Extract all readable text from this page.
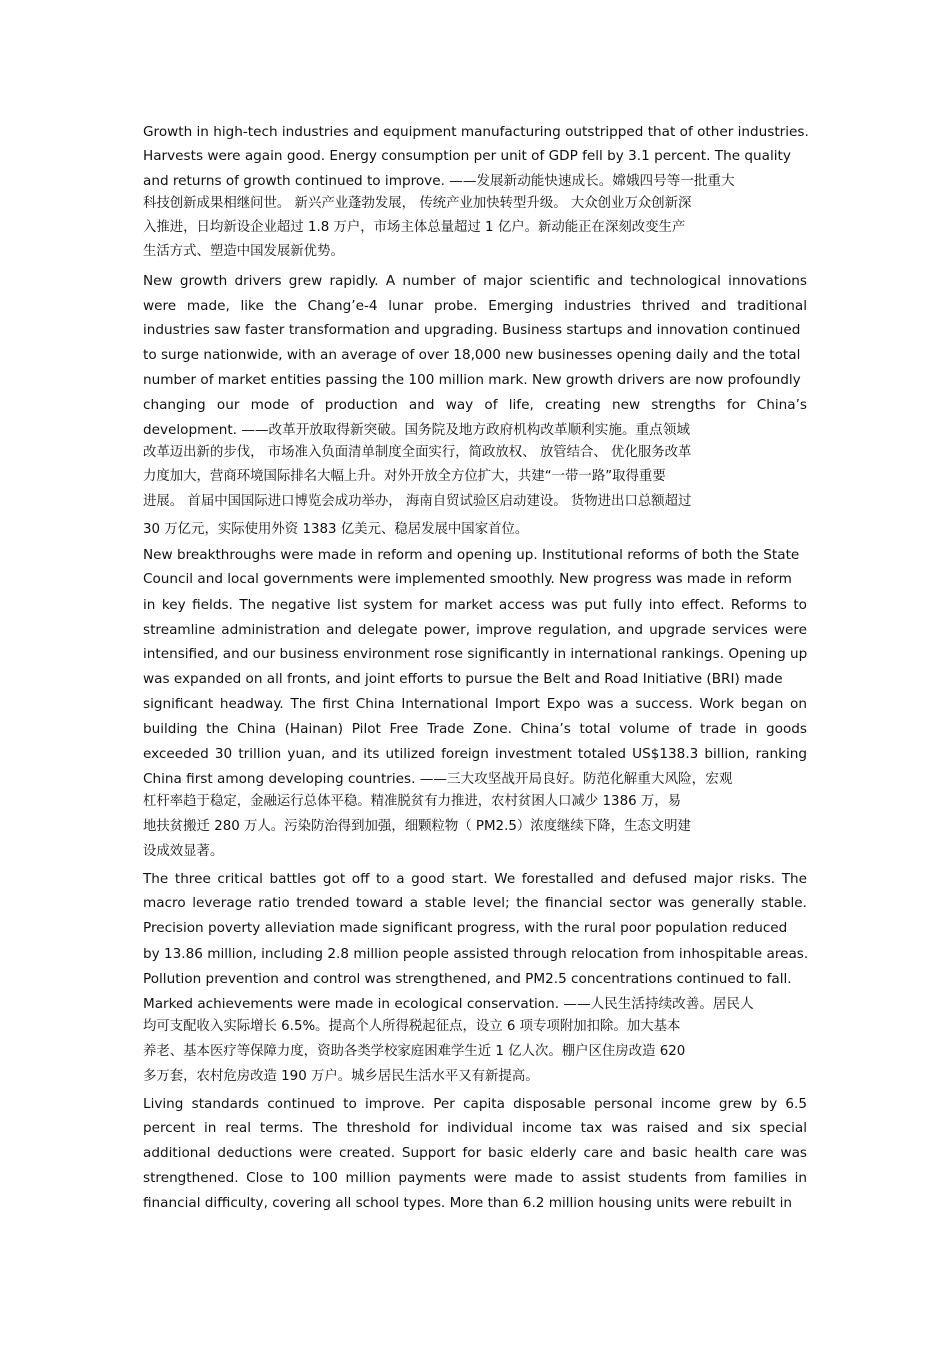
Growth in high-tech industries and equipment manufacturing outstripped that of other industries.
Harvests were again good. Energy consumption per unit of GDP fell by 3.1 percent. The quality
and returns of growth continued to improve. ——发展新动能快速成长。嫦娥四号等一批重大
科技创新成果相继问世。 新兴产业蓬勃发展， 传统产业加快转型升级。 大众创业万众创新深
入推进，日均新设企业超过 1.8 万户，市场主体总量超过 1 亿户。新动能正在深刻改变生产
生活方式、塑造中国发展新优势。
New growth drivers grew rapidly. A number of major scientific and technological innovations
were made, like the Chang’e-4 lunar probe. Emerging industries thrived and traditional
industries saw faster transformation and upgrading. Business startups and innovation continued
to surge nationwide, with an average of over 18,000 new businesses opening daily and the total
number of market entities passing the 100 million mark. New growth drivers are now profoundly
changing our mode of production and way of life, creating new strengths for China’s
development. ——改革开放取得新突破。国务院及地方政府机构改革顺利实施。重点领域
改革迈出新的步伐， 市场准入负面清单制度全面实行，简政放权、 放管结合、 优化服务改革
力度加大，营商环境国际排名大幅上升。对外开放全方位扩大，共建“一带一路”取得重要
进展。 首届中国国际进口博览会成功举办， 海南自贸试验区启动建设。 货物进出口总额超过
30 万亿元，实际使用外资 1383 亿美元、稳居发展中国家首位。
New breakthroughs were made in reform and opening up. Institutional reforms of both the State
Council and local governments were implemented smoothly. New progress was made in reform
in key fields. The negative list system for market access was put fully into effect. Reforms to
streamline administration and delegate power, improve regulation, and upgrade services were
intensified, and our business environment rose significantly in international rankings. Opening up
was expanded on all fronts, and joint efforts to pursue the Belt and Road Initiative (BRI) made
significant headway. The first China International Import Expo was a success. Work began on
building the China (Hainan) Pilot Free Trade Zone. China’s total volume of trade in goods
exceeded 30 trillion yuan, and its utilized foreign investment totaled US$138.3 billion, ranking
China first among developing countries. ——三大攻坚战开局良好。防范化解重大风险，宏观
杠杆率趋于稳定，金融运行总体平稳。精准脱贫有力推进，农村贫困人口减少 1386 万，易
地扶贫搬迁 280 万人。污染防治得到加强，细颗粒物（ PM2.5）浓度继续下降，生态文明建
设成效显著。
The three critical battles got off to a good start. We forestalled and defused major risks. The
macro leverage ratio trended toward a stable level; the financial sector was generally stable.
Precision poverty alleviation made significant progress, with the rural poor population reduced
by 13.86 million, including 2.8 million people assisted through relocation from inhospitable areas.
Pollution prevention and control was strengthened, and PM2.5 concentrations continued to fall.
Marked achievements were made in ecological conservation. ——人民生活持续改善。居民人
均可支配收入实际增长 6.5%。提高个人所得税起征点，设立 6 项专项附加扣除。加大基本
养老、基本医疗等保障力度，资助各类学校家庭困难学生近 1 亿人次。棚户区住房改造 620
多万套，农村危房改造 190 万户。城乡居民生活水平又有新提高。
Living standards continued to improve. Per capita disposable personal income grew by 6.5
percent in real terms. The threshold for individual income tax was raised and six special
additional deductions were created. Support for basic elderly care and basic health care was
strengthened. Close to 100 million payments were made to assist students from families in
financial difficulty, covering all school types. More than 6.2 million housing units were rebuilt in
